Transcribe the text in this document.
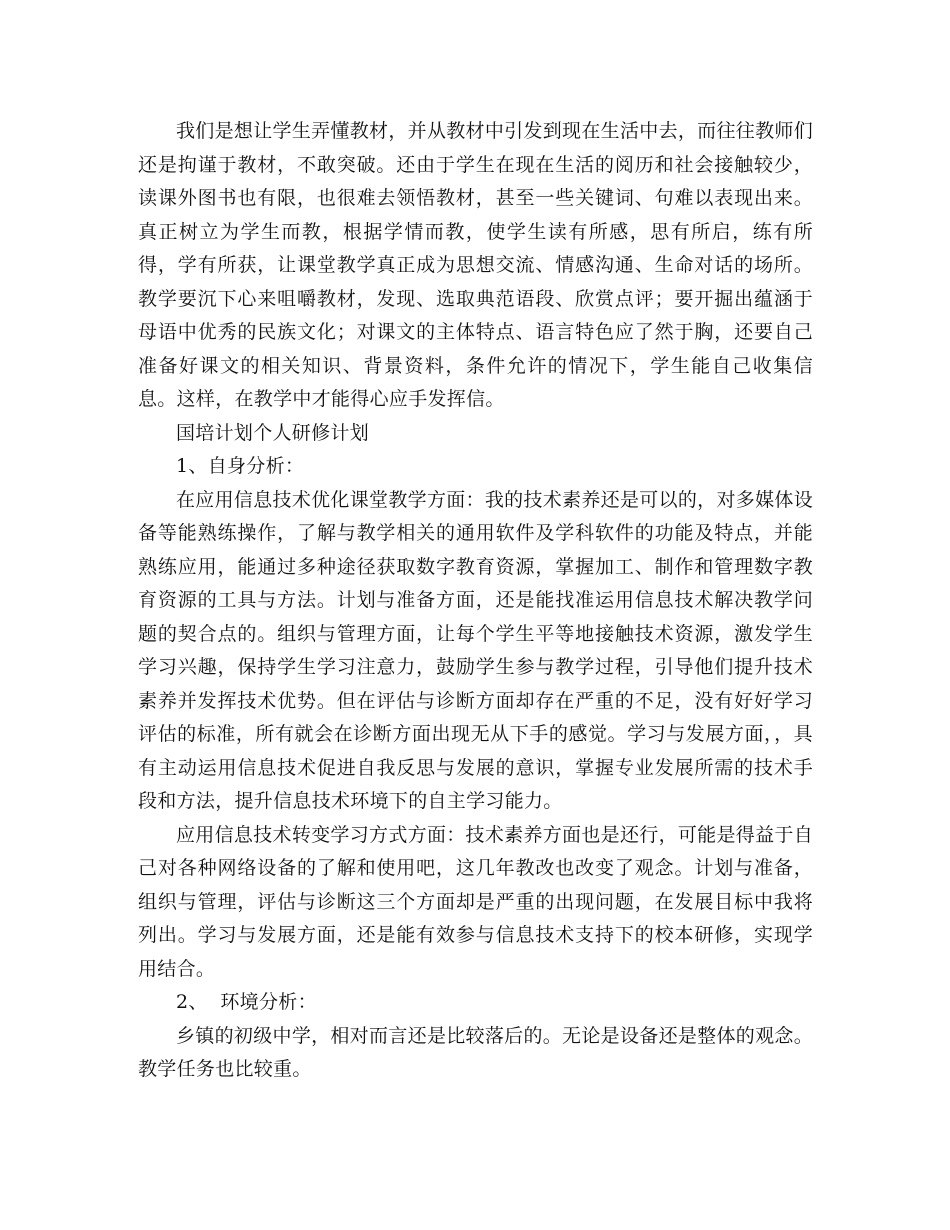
我们是想让学生弄懂教材，并从教材中引发到现在生活中去，而往往教师们还是拘谨于教材，不敢突破。还由于学生在现在生活的阅历和社会接触较少，读课外图书也有限，也很难去领悟教材，甚至一些关键词、句难以表现出来。真正树立为学生而教，根据学情而教，使学生读有所感，思有所启，练有所得，学有所获，让课堂教学真正成为思想交流、情感沟通、生命对话的场所。教学要沉下心来咀嚼教材，发现、选取典范语段、欣赏点评；要开掘出蕴涵于母语中优秀的民族文化；对课文的主体特点、语言特色应了然于胸，还要自己准备好课文的相关知识、背景资料，条件允许的情况下，学生能自己收集信息。这样，在教学中才能得心应手发挥信。

国培计划个人研修计划

1、自身分析：

在应用信息技术优化课堂教学方面：我的技术素养还是可以的，对多媒体设备等能熟练操作，了解与教学相关的通用软件及学科软件的功能及特点，并能熟练应用，能通过多种途径获取数字教育资源，掌握加工、制作和管理数字教育资源的工具与方法。计划与准备方面，还是能找准运用信息技术解决教学问题的契合点的。组织与管理方面，让每个学生平等地接触技术资源，激发学生学习兴趣，保持学生学习注意力，鼓励学生参与教学过程，引导他们提升技术素养并发挥技术优势。但在评估与诊断方面却存在严重的不足，没有好好学习评估的标准，所有就会在诊断方面出现无从下手的感觉。学习与发展方面，，具有主动运用信息技术促进自我反思与发展的意识，掌握专业发展所需的技术手段和方法，提升信息技术环境下的自主学习能力。

应用信息技术转变学习方式方面：技术素养方面也是还行，可能是得益于自己对各种网络设备的了解和使用吧，这几年教改也改变了观念。计划与准备，组织与管理，评估与诊断这三个方面却是严重的出现问题，在发展目标中我将列出。学习与发展方面，还是能有效参与信息技术支持下的校本研修，实现学用结合。

2、  环境分析：

乡镇的初级中学，相对而言还是比较落后的。无论是设备还是整体的观念。教学任务也比较重。
